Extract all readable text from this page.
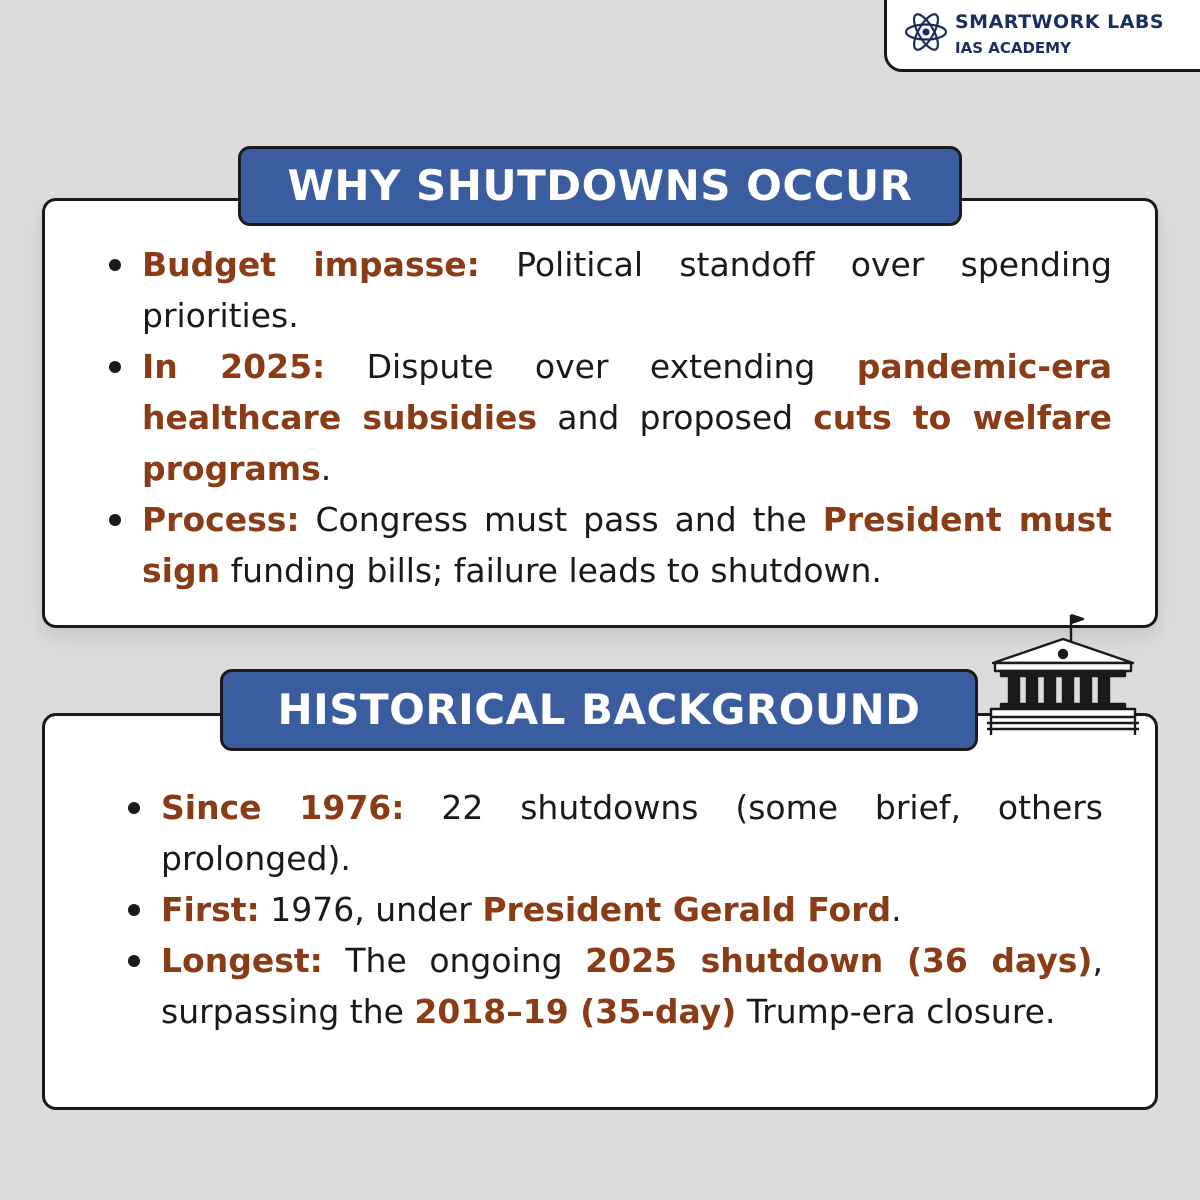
SMARTWORK LABS
IAS ACADEMY
Budget impasse: Political standoff over spending priorities.
In 2025: Dispute over extending pandemic-era healthcare subsidies and proposed cuts to welfare programs.
Process: Congress must pass and the President must sign funding bills; failure leads to shutdown.
WHY SHUTDOWNS OCCUR
Since 1976: 22 shutdowns (some brief, others prolonged).
First: 1976, under President Gerald Ford.
Longest: The ongoing 2025 shutdown (36 days), surpassing the 2018–19 (35-day) Trump-era closure.
HISTORICAL BACKGROUND
